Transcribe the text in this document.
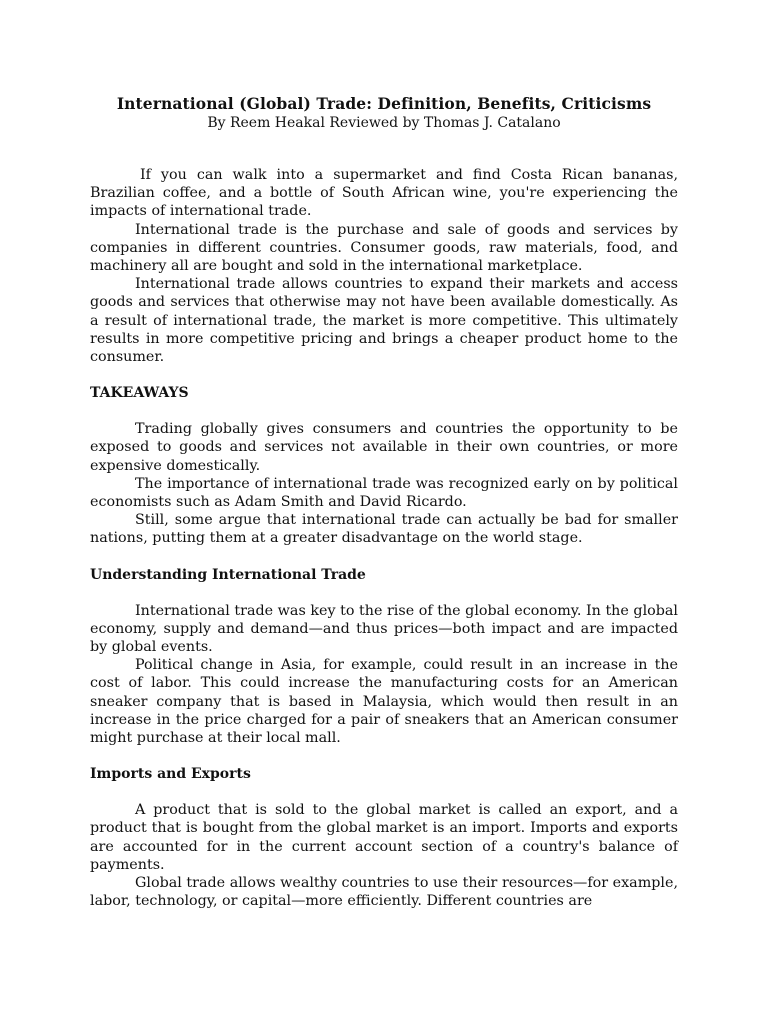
International (Global) Trade: Definition, Benefits, Criticisms

By Reem Heakal Reviewed by Thomas J. Catalano

If you can walk into a supermarket and find Costa Rican bananas, Brazilian coffee, and a bottle of South African wine, you're experiencing the impacts of international trade.

International trade is the purchase and sale of goods and services by companies in different countries. Consumer goods, raw materials, food, and machinery all are bought and sold in the international marketplace.

International trade allows countries to expand their markets and access goods and services that otherwise may not have been available domestically. As a result of international trade, the market is more competitive. This ultimately results in more competitive pricing and brings a cheaper product home to the consumer.

TAKEAWAYS

Trading globally gives consumers and countries the opportunity to be exposed to goods and services not available in their own countries, or more expensive domestically.

The importance of international trade was recognized early on by political economists such as Adam Smith and David Ricardo.

Still, some argue that international trade can actually be bad for smaller nations, putting them at a greater disadvantage on the world stage.

Understanding International Trade

International trade was key to the rise of the global economy. In the global economy, supply and demand—and thus prices—both impact and are impacted by global events.

Political change in Asia, for example, could result in an increase in the cost of labor. This could increase the manufacturing costs for an American sneaker company that is based in Malaysia, which would then result in an increase in the price charged for a pair of sneakers that an American consumer might purchase at their local mall.

Imports and Exports

A product that is sold to the global market is called an export, and a product that is bought from the global market is an import. Imports and exports are accounted for in the current account section of a country's balance of payments.

Global trade allows wealthy countries to use their resources—for example, labor, technology, or capital—more efficiently. Different countries are
